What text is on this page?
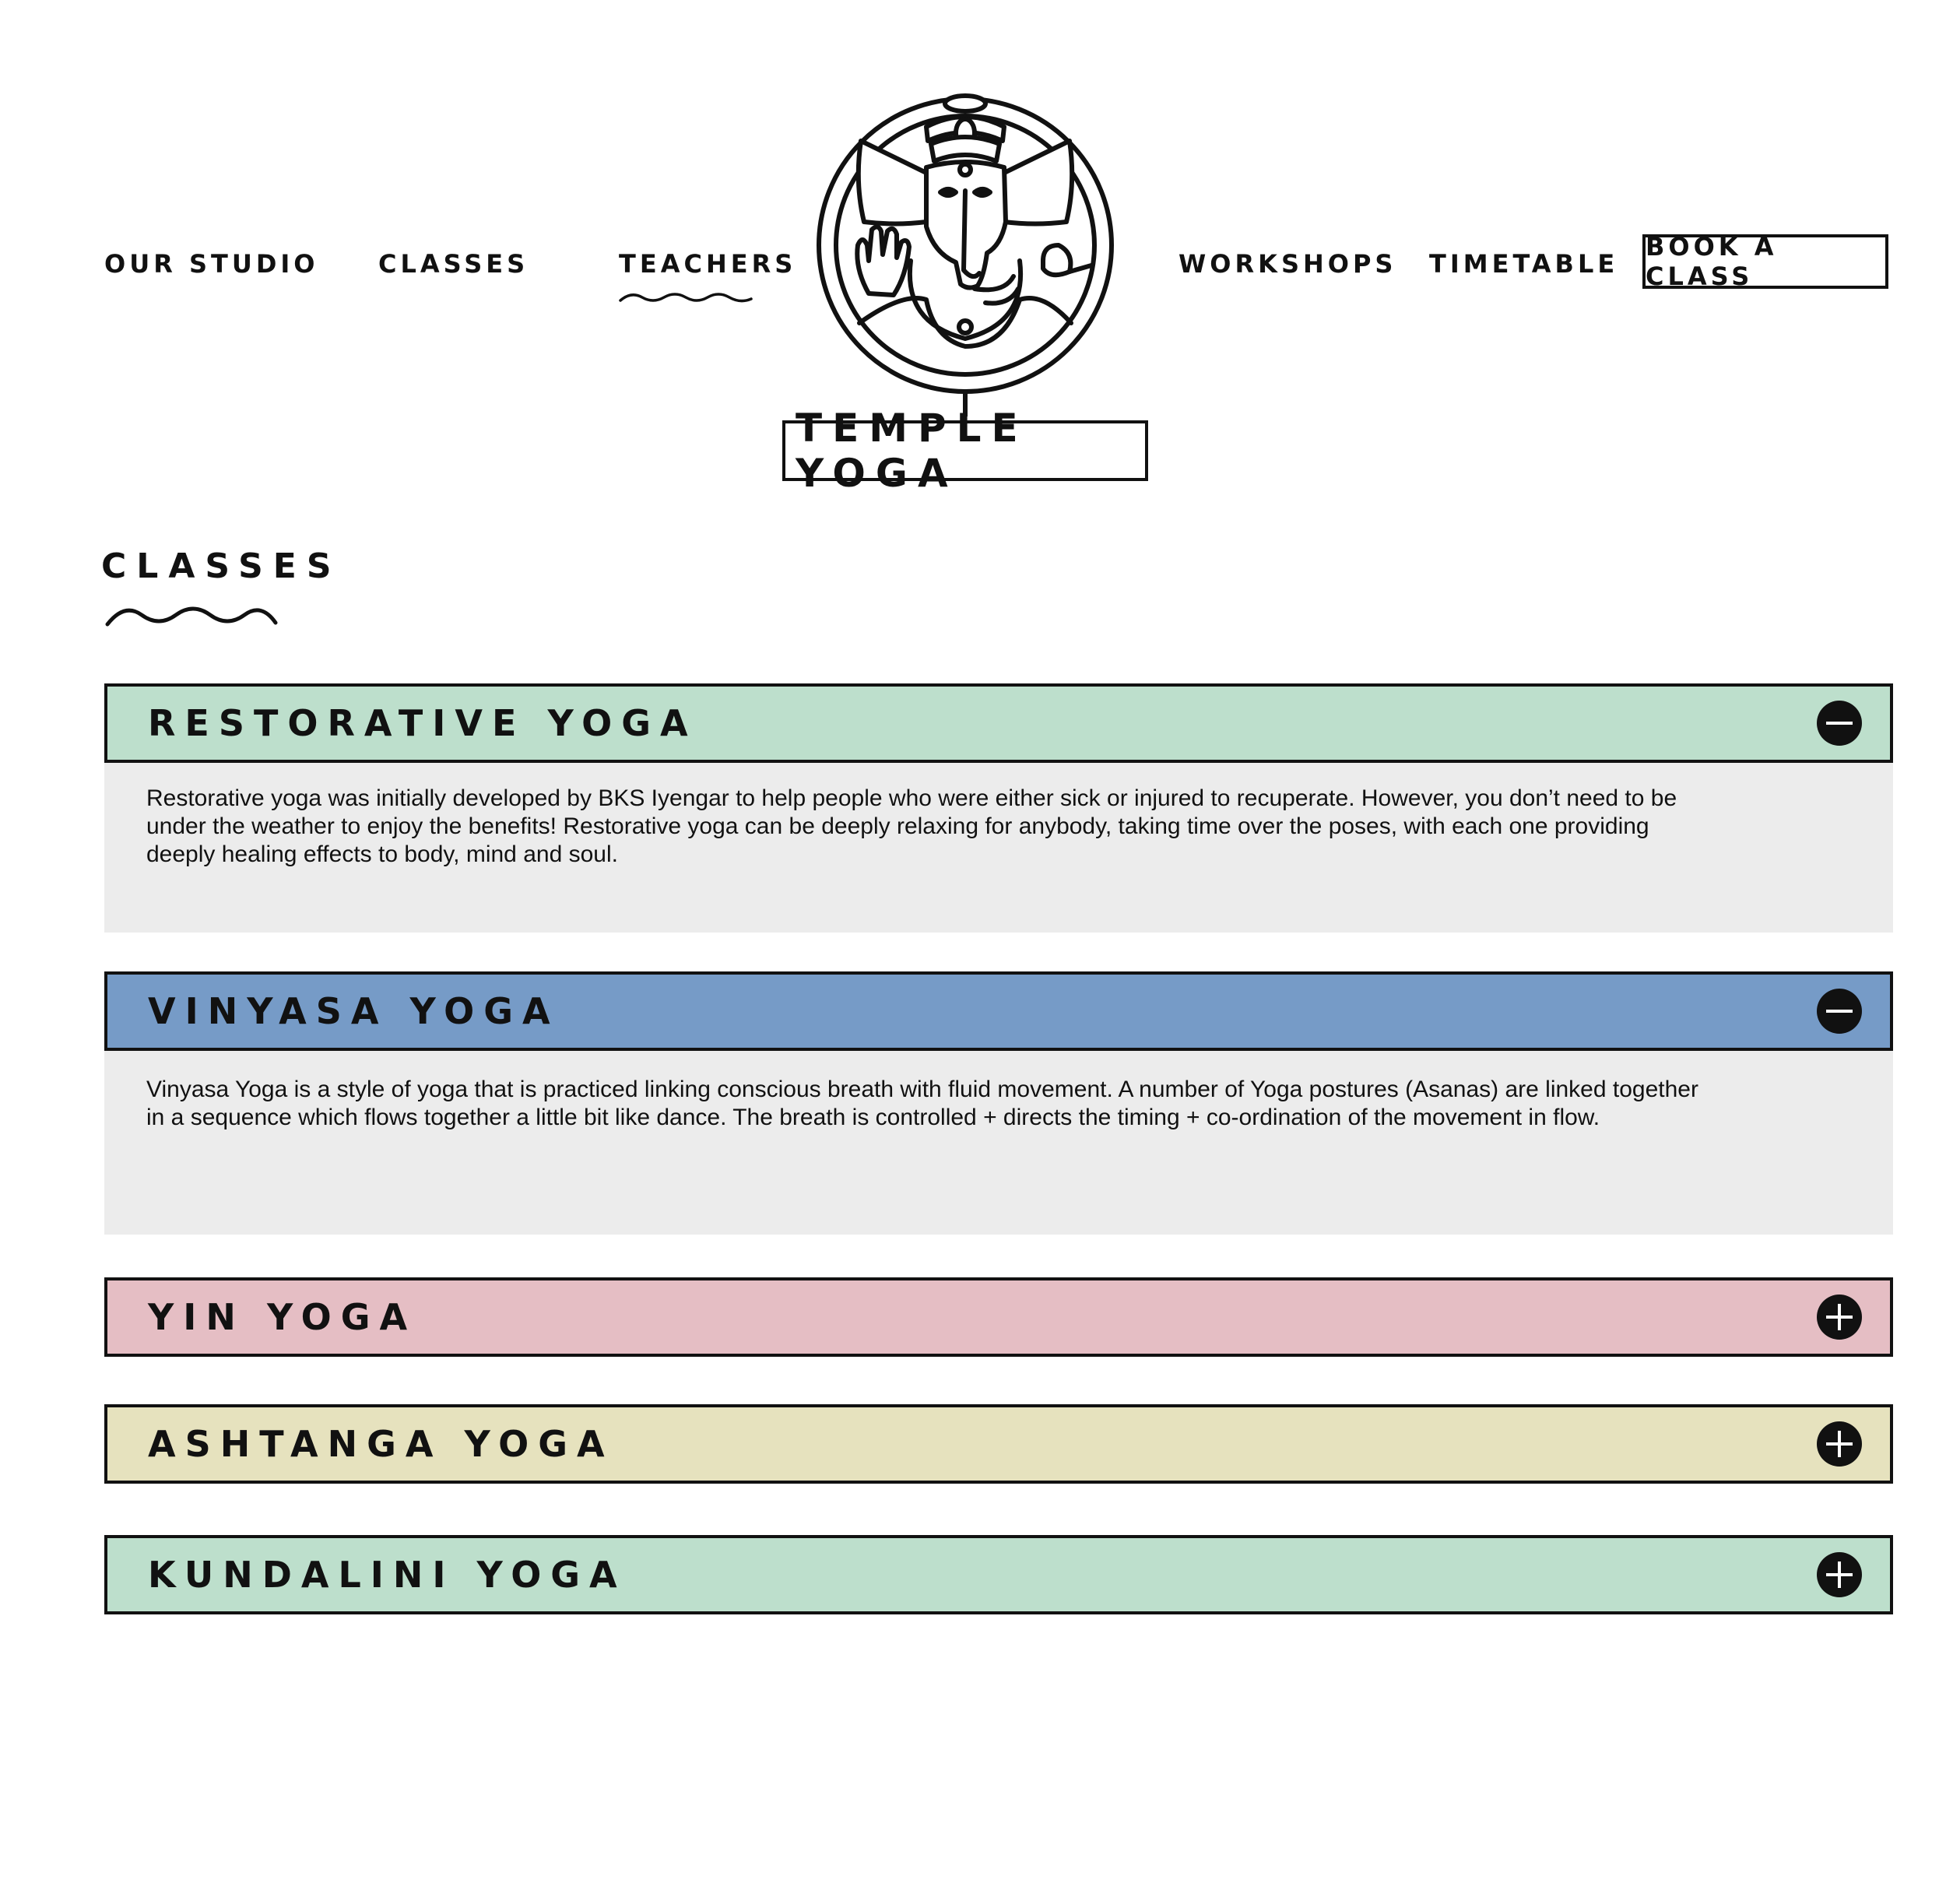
OUR STUDIO CLASSES	TEACHERS	WORKSHOPS TIMETABLE
BOOK A CLASS
TEMPLE YOGA
CLASSES
RESTORATIVE YOGA

Restorative yoga was initially developed by BKS Iyengar to help people who were either sick or injured to recuperate. However, you don’t need to be under the weather to enjoy the benefits! Restorative yoga can be deeply relaxing for anybody, taking time over the poses, with each one providing deeply healing effects to body, mind and soul.

VINYASA YOGA

Vinyasa Yoga is a style of yoga that is practiced linking conscious breath with fluid movement. A number of Yoga postures (Asanas) are linked together in a sequence which flows together a little bit like dance. The breath is controlled + directs the timing + co-ordination of the movement in flow.

YIN YOGA
ASHTANGA YOGA
KUNDALINI YOGA
